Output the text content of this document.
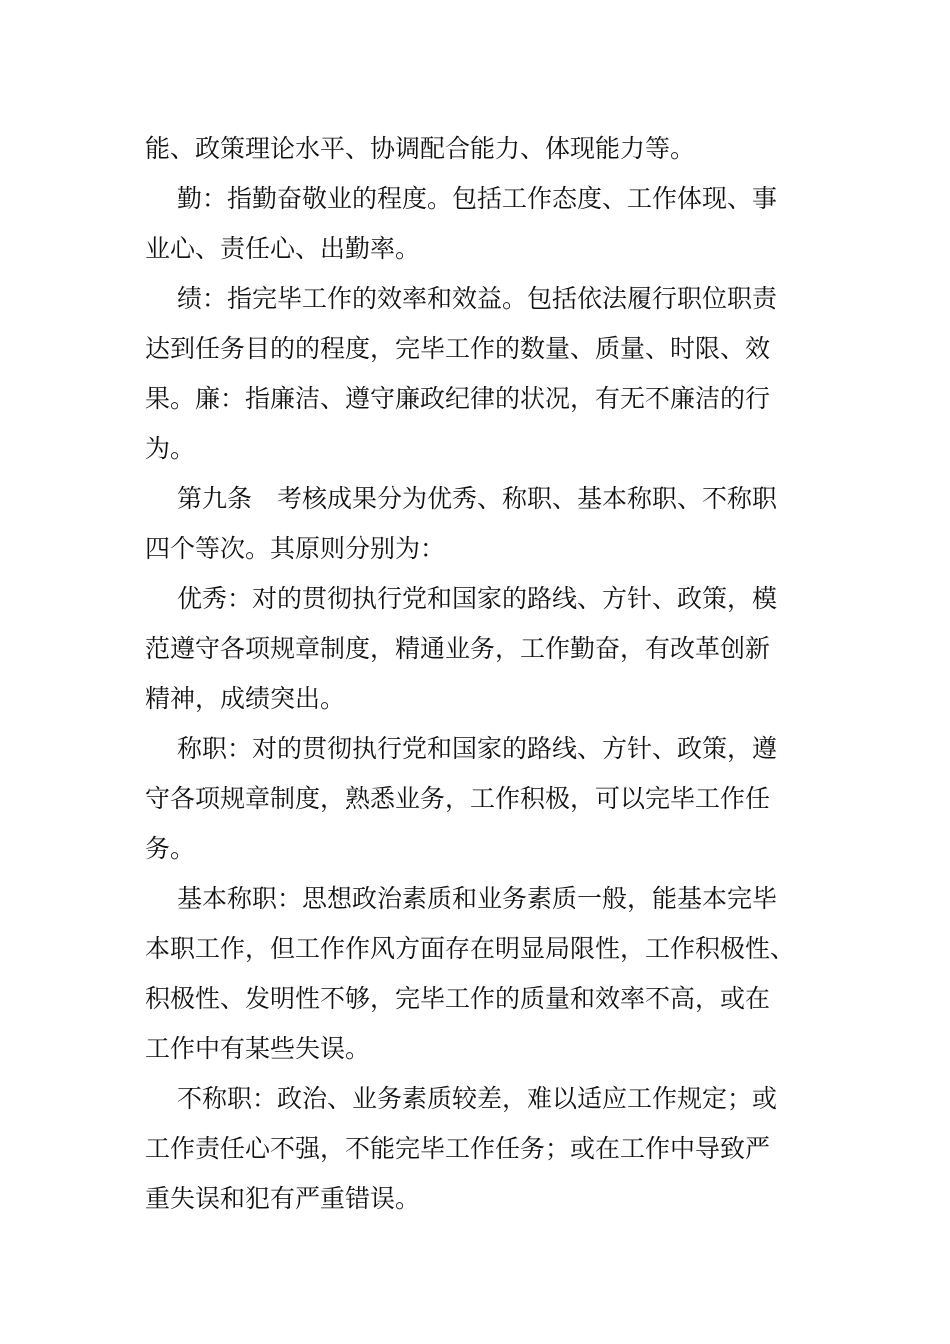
能、政策理论水平、协调配合能力、体现能力等。
勤：指勤奋敬业的程度。包括工作态度、工作体现、事
业心、责任心、出勤率。
绩：指完毕工作的效率和效益。包括依法履行职位职责
达到任务目的的程度，完毕工作的数量、质量、时限、效
果。廉：指廉洁、遵守廉政纪律的状况，有无不廉洁的行
为。
第九条　考核成果分为优秀、称职、基本称职、不称职
四个等次。其原则分别为：
优秀：对的贯彻执行党和国家的路线、方针、政策，模
范遵守各项规章制度，精通业务，工作勤奋，有改革创新
精神，成绩突出。
称职：对的贯彻执行党和国家的路线、方针、政策，遵
守各项规章制度，熟悉业务，工作积极，可以完毕工作任
务。
基本称职：思想政治素质和业务素质一般，能基本完毕
本职工作，但工作作风方面存在明显局限性，工作积极性、
积极性、发明性不够，完毕工作的质量和效率不高，或在
工作中有某些失误。
不称职：政治、业务素质较差，难以适应工作规定；或
工作责任心不强，不能完毕工作任务；或在工作中导致严
重失误和犯有严重错误。
